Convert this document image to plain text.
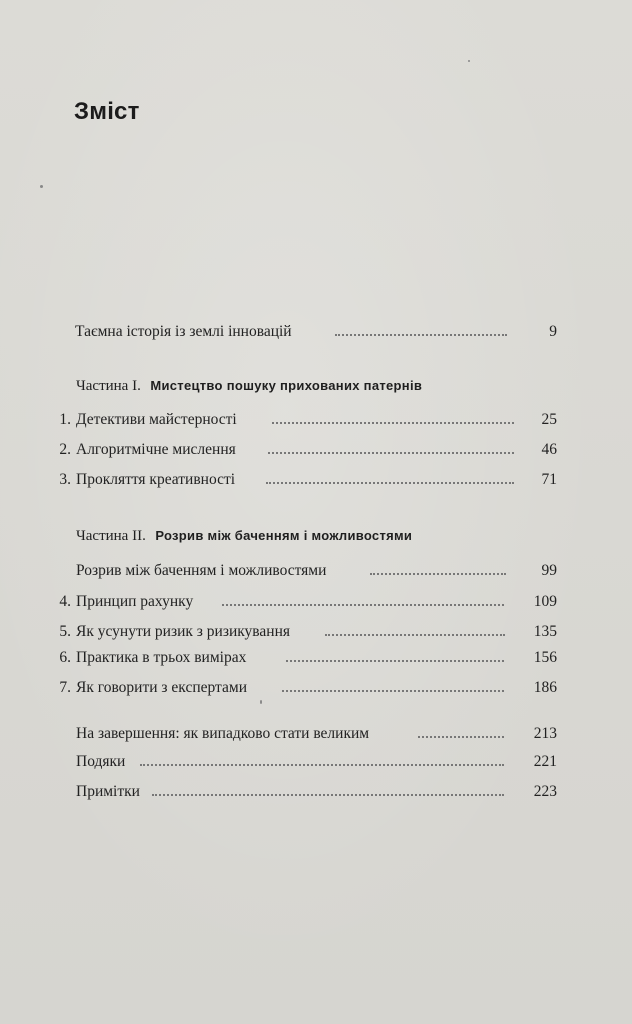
Зміст
Таємна історія із землі інновацій	9
Частина I. Мистецтво пошуку прихованих патернів
1. Детективи майстерності	25
2. Алгоритмічне мислення	46
3. Прокляття креативності	71
Частина II. Розрив між баченням і можливостями
Розрив між баченням і можливостями	99
4. Принцип рахунку	109
5. Як усунути ризик з ризикування	135
6. Практика в трьох вимірах	156
7. Як говорити з експертами	186
На завершення: як випадково стати великим	213
Подяки	221
Примітки	223
